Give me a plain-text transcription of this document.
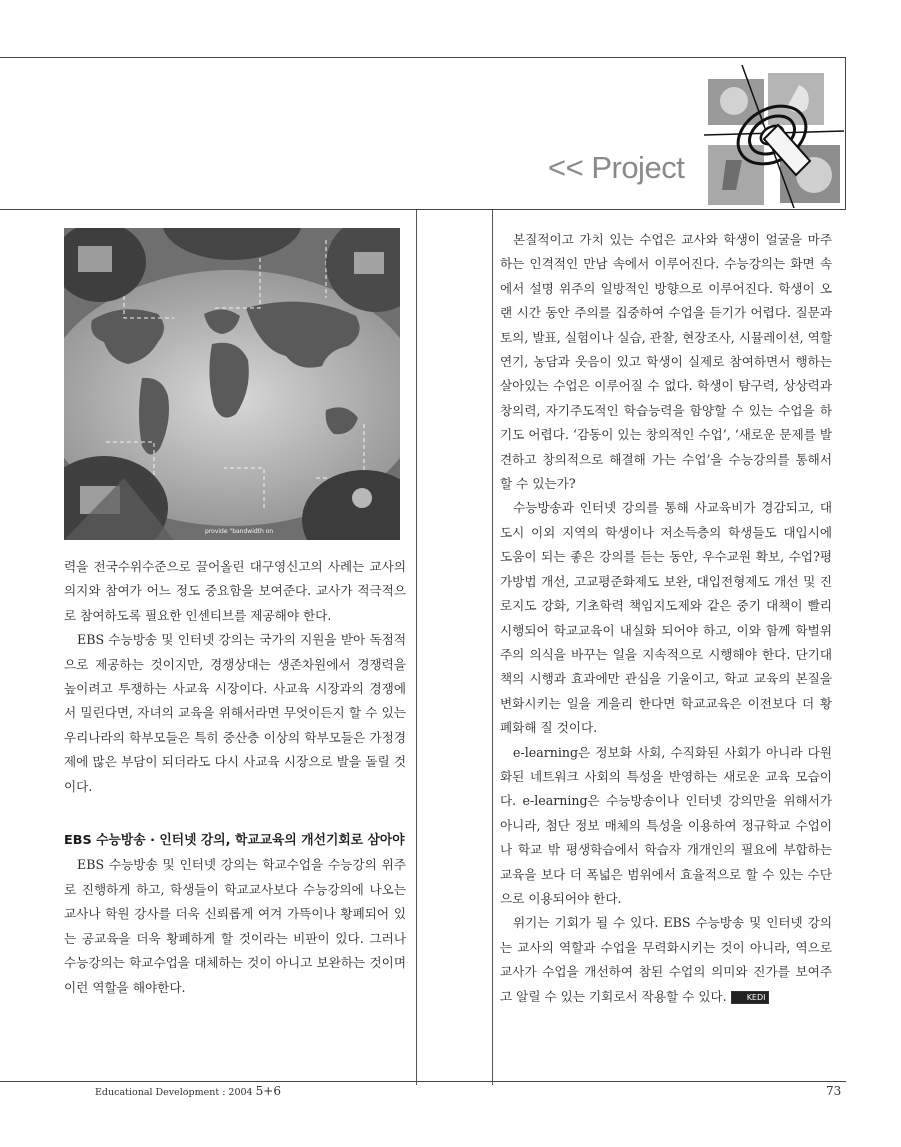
<< Project
provide "bandwidth on

력을 전국수위수준으로 끌어올린 대구영신고의 사례는 교사의 의지와 참여가 어느 정도 중요함을 보여준다. 교사가 적극적으로 참여하도록 필요한 인센티브를 제공해야 한다.

EBS 수능방송 및 인터넷 강의는 국가의 지원을 받아 독점적으로 제공하는 것이지만, 경쟁상대는 생존차원에서 경쟁력을 높이려고 투쟁하는 사교육 시장이다. 사교육 시장과의 경쟁에서 밀린다면, 자녀의 교육을 위해서라면 무엇이든지 할 수 있는 우리나라의 학부모들은 특히 중산층 이상의 학부모들은 가정경제에 많은 부담이 되더라도 다시 사교육 시장으로 발을 돌릴 것이다.

EBS 수능방송 · 인터넷 강의, 학교교육의 개선기회로 삼아야

EBS 수능방송 및 인터넷 강의는 학교수업을 수능강의 위주로 진행하게 하고, 학생들이 학교교사보다 수능강의에 나오는 교사나 학원 강사를 더욱 신뢰롭게 여겨 가뜩이나 황폐되어 있는 공교육을 더욱 황폐하게 할 것이라는 비판이 있다. 그러나 수능강의는 학교수업을 대체하는 것이 아니고 보완하는 것이며 이런 역할을 해야한다.

본질적이고 가치 있는 수업은 교사와 학생이 얼굴을 마주하는 인격적인 만남 속에서 이루어진다. 수능강의는 화면 속에서 설명 위주의 일방적인 방향으로 이루어진다. 학생이 오랜 시간 동안 주의를 집중하여 수업을 듣기가 어렵다. 질문과 토의, 발표, 실험이나 실습, 관찰, 현장조사, 시뮬레이션, 역할연기, 농담과 웃음이 있고 학생이 실제로 참여하면서 행하는 살아있는 수업은 이루어질 수 없다. 학생이 탐구력, 상상력과 창의력, 자기주도적인 학습능력을 함양할 수 있는 수업을 하기도 어렵다. ‘감동이 있는 창의적인 수업’, ‘새로운 문제를 발견하고 창의적으로 해결해 가는 수업’을 수능강의를 통해서 할 수 있는가?

수능방송과 인터넷 강의를 통해 사교육비가 경감되고, 대도시 이외 지역의 학생이나 저소득층의 학생들도 대입시에 도움이 되는 좋은 강의를 듣는 동안, 우수교원 확보, 수업?평가방법 개선, 고교평준화제도 보완, 대입전형제도 개선 및 진로지도 강화, 기초학력 책임지도제와 같은 중기 대책이 빨리 시행되어 학교교육이 내실화 되어야 하고, 이와 함께 학벌위주의 의식을 바꾸는 일을 지속적으로 시행해야 한다. 단기대책의 시행과 효과에만 관심을 기울이고, 학교 교육의 본질을 변화시키는 일을 게을리 한다면 학교교육은 이전보다 더 황폐화해 질 것이다.

e-learning은 정보화 사회, 수직화된 사회가 아니라 다원화된 네트워크 사회의 특성을 반영하는 새로운 교육 모습이다. e-learning은 수능방송이나 인터넷 강의만을 위해서가 아니라, 첨단 정보 매체의 특성을 이용하여 정규학교 수업이나 학교 밖 평생학습에서 학습자 개개인의 필요에 부합하는 교육을 보다 더 폭넓은 범위에서 효율적으로 할 수 있는 수단으로 이용되어야 한다.

위기는 기회가 될 수 있다. EBS 수능방송 및 인터넷 강의는 교사의 역할과 수업을 무력화시키는 것이 아니라, 역으로 교사가 수업을 개선하여 참된 수업의 의미와 진가를 보여주고 알릴 수 있는 기회로서 작용할 수 있다.	KEDI

Educational Development : 2004 5+6	73
